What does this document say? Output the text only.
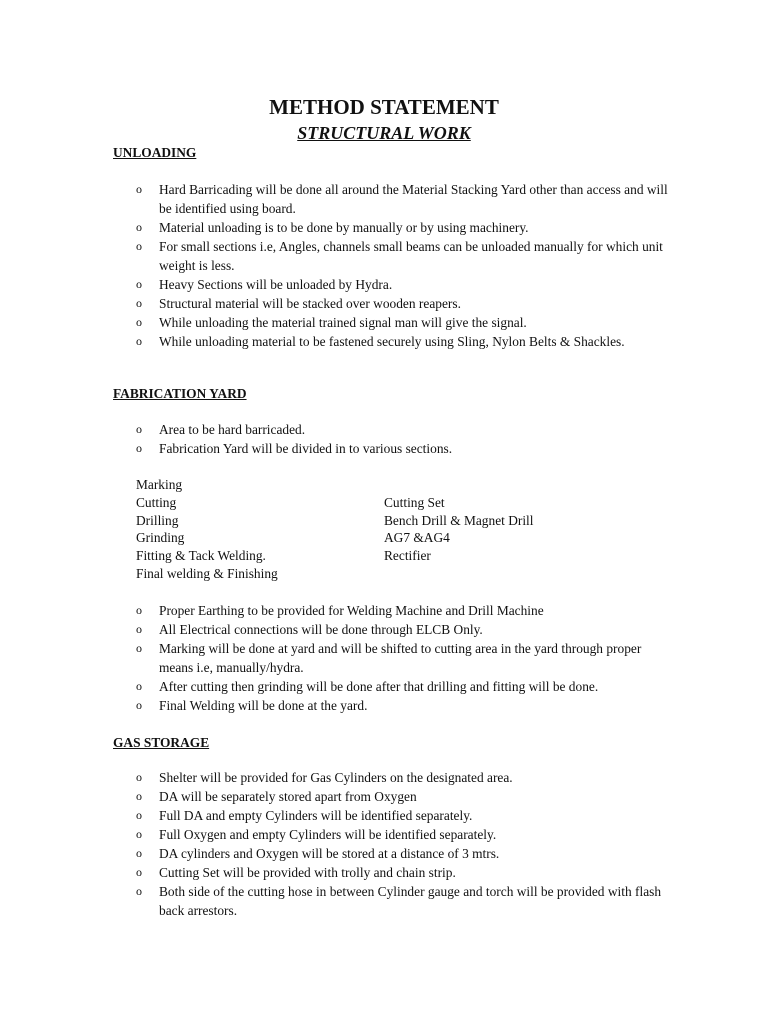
METHOD STATEMENT
STRUCTURAL WORK
UNLOADING
o Hard Barricading will be done all around the Material Stacking Yard other than access and will be identified using board.
o Material unloading is to be done by manually or by using machinery.
o For small sections i.e, Angles, channels small beams can be unloaded manually for which unit weight is less.
o Heavy Sections will be unloaded by Hydra.
o Structural material will be stacked over wooden reapers.
o While unloading the material trained signal man will give the signal.
o While unloading material to be fastened securely using Sling, Nylon Belts & Shackles.
FABRICATION YARD
o Area to be hard barricaded.
o Fabrication Yard will be divided in to various sections.
Marking
Cutting	Cutting Set
Drilling	Bench Drill & Magnet Drill
Grinding	AG7 &AG4
Fitting & Tack Welding.	Rectifier
Final welding & Finishing
o Proper Earthing to be provided for Welding Machine and Drill Machine
o All Electrical connections will be done through ELCB Only.
o Marking will be done at yard and will be shifted to cutting area in the yard through proper means i.e, manually/hydra.
o After cutting then grinding will be done after that drilling and fitting will be done.
o Final Welding will be done at the yard.
GAS STORAGE
o Shelter will be provided for Gas Cylinders on the designated area.
o DA will be separately stored apart from Oxygen
o Full DA and empty Cylinders will be identified separately.
o Full Oxygen and empty Cylinders will be identified separately.
o DA cylinders and Oxygen will be stored at a distance of 3 mtrs.
o Cutting Set will be provided with trolly and chain strip.
o Both side of the cutting hose in between Cylinder gauge and torch will be provided with flash back arrestors.
